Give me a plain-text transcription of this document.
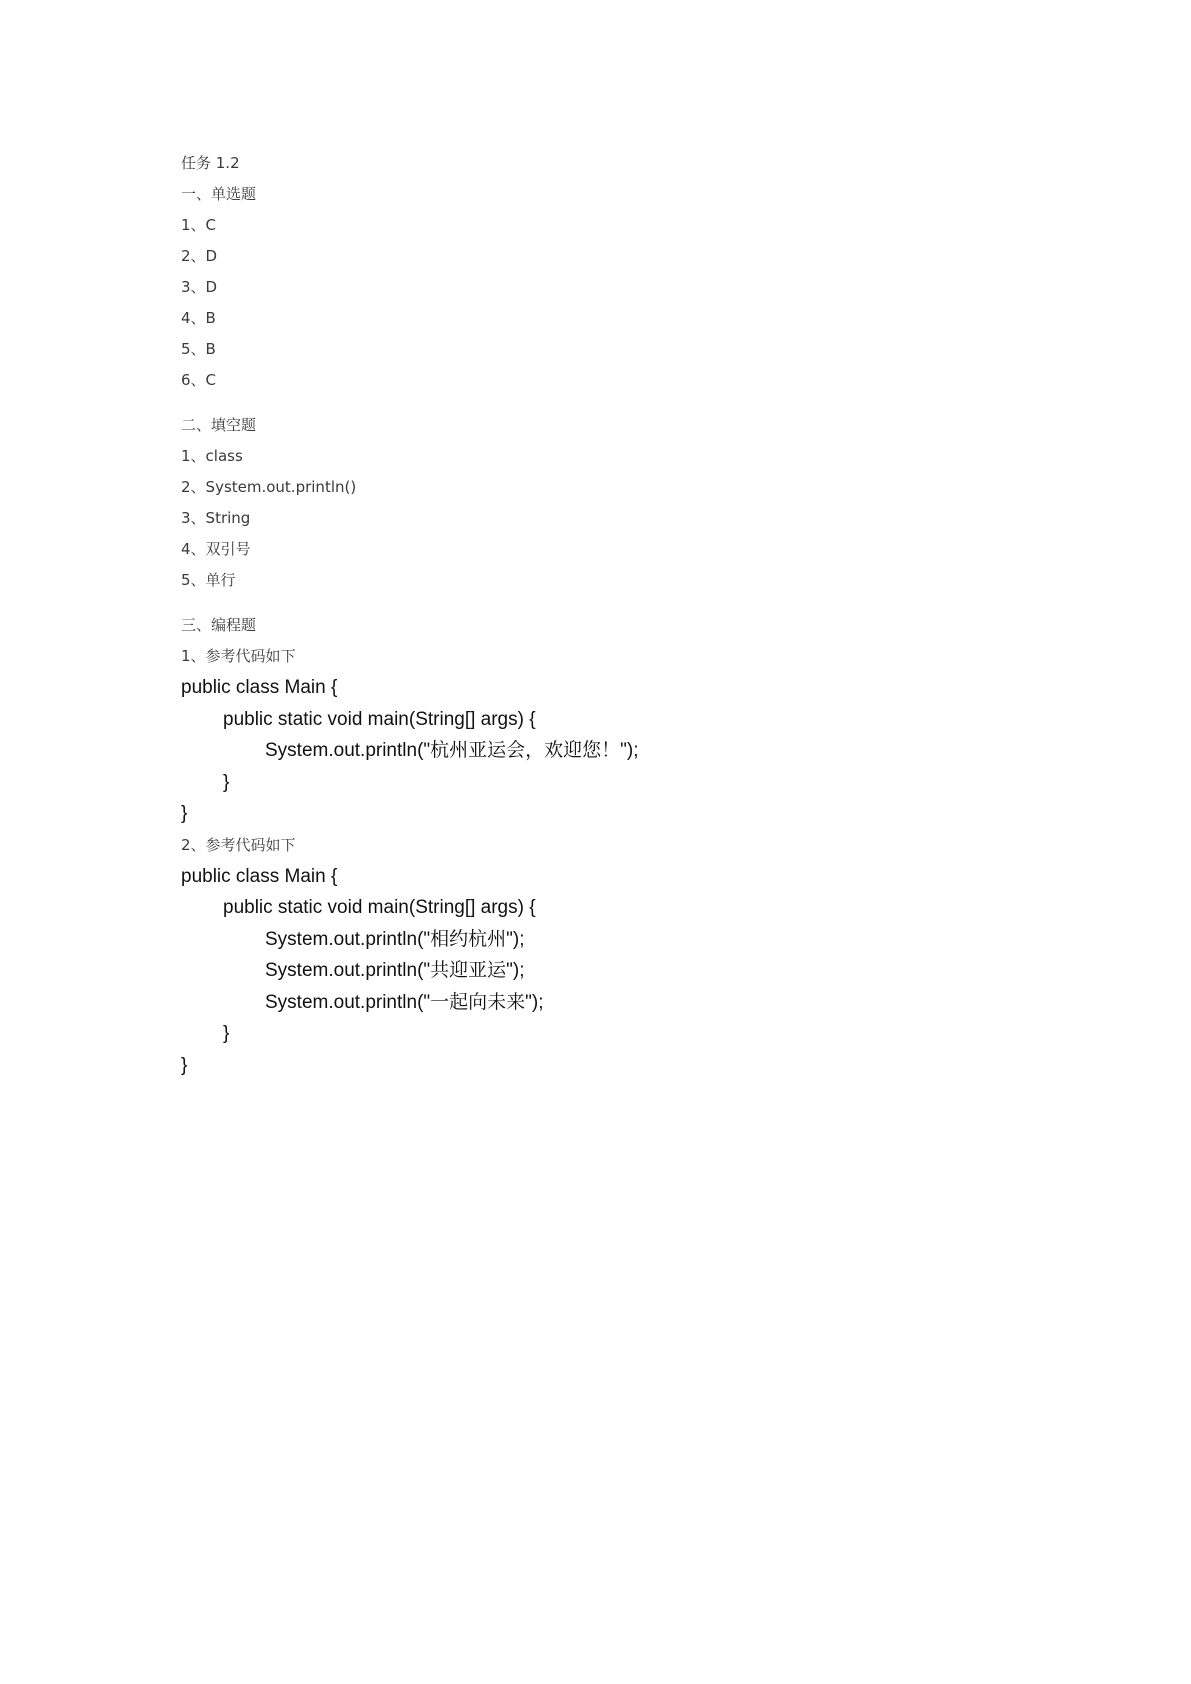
任务 1.2
一、单选题
1、C
2、D
3、D
4、B
5、B
6、C
二、填空题
1、class
2、System.out.println()
3、String
4、双引号
5、单行
三、编程题
1、参考代码如下
public class Main {
public static void main(String[] args) {
System.out.println("杭州亚运会，欢迎您！");
}
}
2、参考代码如下
public class Main {
public static void main(String[] args) {
System.out.println("相约杭州");
System.out.println("共迎亚运");
System.out.println("一起向未来");
}
}
